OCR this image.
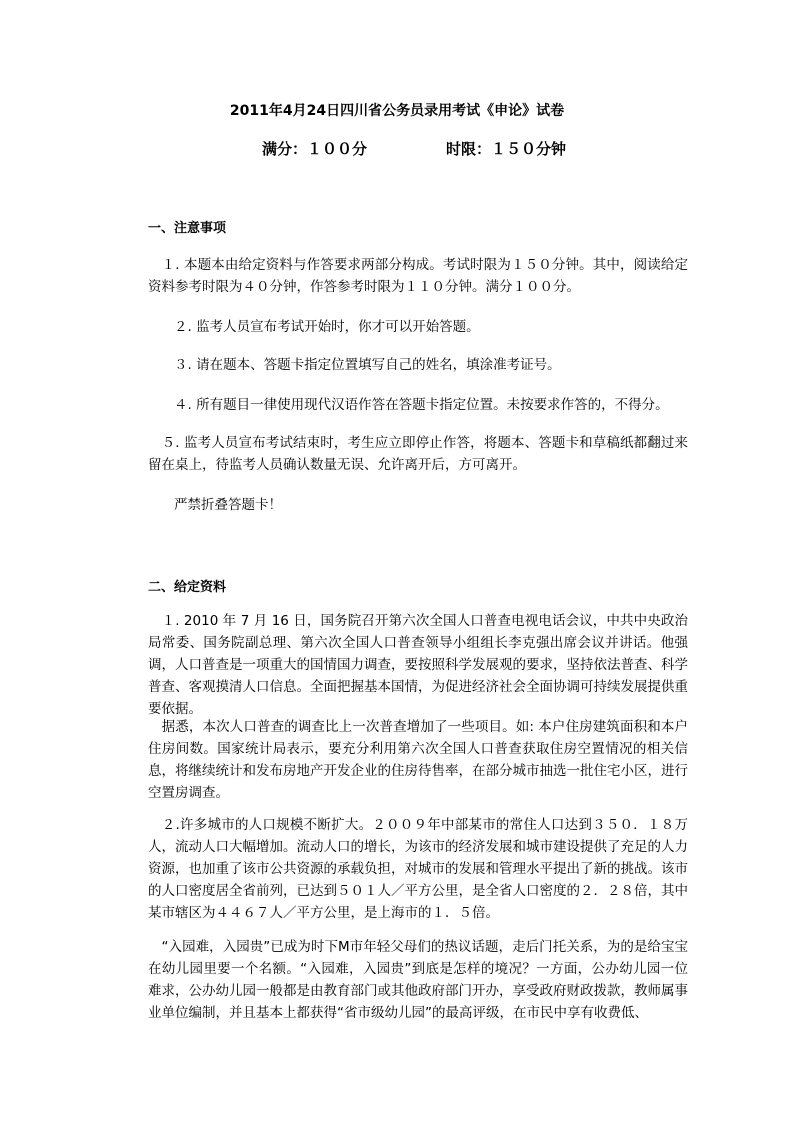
2011年4月24日四川省公务员录用考试《申论》试卷
满分：１００分	时限：１５０分钟
一、注意事项
　１. 本题本由给定资料与作答要求两部分构成。考试时限为１５０分钟。其中，阅读给定资料参考时限为４０分钟，作答参考时限为１１０分钟。满分１００分。
２. 监考人员宣布考试开始时，你才可以开始答题。
３. 请在题本、答题卡指定位置填写自己的姓名，填涂准考证号。
４. 所有题目一律使用现代汉语作答在答题卡指定位置。未按要求作答的，不得分。
　５. 监考人员宣布考试结束时，考生应立即停止作答，将题本、答题卡和草稿纸都翻过来留在桌上，待监考人员确认数量无误、允许离开后，方可离开。
严禁折叠答题卡！
二、给定资料
　１. 2010 年 7 月 16 日，国务院召开第六次全国人口普查电视电话会议，中共中央政治局常委、国务院副总理、第六次全国人口普查领导小组组长李克强出席会议并讲话。他强调，人口普查是一项重大的国情国力调查，要按照科学发展观的要求，坚持依法普查、科学普查、客观摸清人口信息。全面把握基本国情，为促进经济社会全面协调可持续发展提供重要依据。
　据悉，本次人口普查的调查比上一次普查增加了一些项目。如: 本户住房建筑面积和本户住房间数。国家统计局表示，要充分利用第六次全国人口普查获取住房空置情况的相关信息，将继续统计和发布房地产开发企业的住房待售率，在部分城市抽选一批住宅小区，进行空置房调查。
　２.许多城市的人口规模不断扩大。２００９年中部某市的常住人口达到３５０．１８万人，流动人口大幅增加。流动人口的增长，为该市的经济发展和城市建设提供了充足的人力资源，也加重了该市公共资源的承载负担，对城市的发展和管理水平提出了新的挑战。该市的人口密度居全省前列，已达到５０１人／平方公里，是全省人口密度的２．２８倍，其中某市辖区为４４６７人／平方公里，是上海市的１．５倍。
　“入园难，入园贵”已成为时下M市年轻父母们的热议话题，走后门托关系，为的是给宝宝在幼儿园里要一个名额。“入园难，入园贵”到底是怎样的境况？一方面，公办幼儿园一位难求，公办幼儿园一般都是由教育部门或其他政府部门开办，享受政府财政拨款，教师属事业单位编制，并且基本上都获得“省市级幼儿园”的最高评级，在市民中享有收费低、
